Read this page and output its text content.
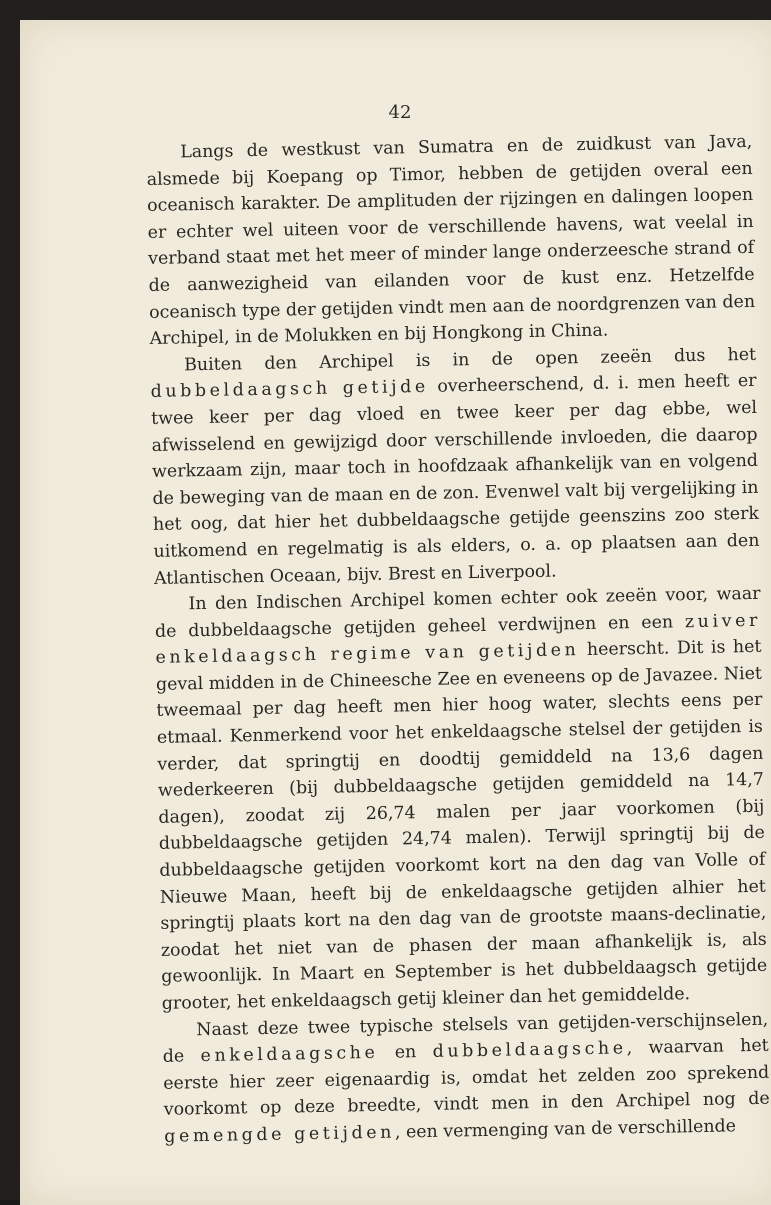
42

Langs de westkust van Sumatra en de zuidkust van Java, alsmede bij Koepang op Timor, hebben de getijden overal een oceanisch karakter. De amplituden der rijzingen en dalingen loopen er echter wel uiteen voor de verschillende havens, wat veelal in verband staat met het meer of minder lange onderzeesche strand of de aanwezigheid van eilanden voor de kust enz. Hetzelfde oceanisch type der getijden vindt men aan de noordgrenzen van den Archipel, in de Molukken en bij Hongkong in China.

Buiten den Archipel is in de open zeeën dus het dubbeldaagsch getijde overheerschend, d. i. men heeft er twee keer per dag vloed en twee keer per dag ebbe, wel afwisselend en gewijzigd door verschillende invloeden, die daarop werkzaam zijn, maar toch in hoofdzaak afhankelijk van en volgend de beweging van de maan en de zon. Evenwel valt bij vergelijking in het oog, dat hier het dubbeldaagsche getijde geenszins zoo sterk uitkomend en regelmatig is als elders, o. a. op plaatsen aan den Atlantischen Oceaan, bijv. Brest en Liverpool.

In den Indischen Archipel komen echter ook zeeën voor, waar de dubbeldaagsche getijden geheel verdwijnen en een zuiver enkeldaagsch regime van getijden heerscht. Dit is het geval midden in de Chineesche Zee en eveneens op de Javazee. Niet tweemaal per dag heeft men hier hoog water, slechts eens per etmaal. Kenmerkend voor het enkeldaagsche stelsel der getijden is verder, dat springtij en doodtij gemiddeld na 13,6 dagen wederkeeren (bij dubbeldaagsche getijden gemiddeld na 14,7 dagen), zoodat zij 26,74 malen per jaar voorkomen (bij dubbeldaagsche getijden 24,74 malen). Terwijl springtij bij de dubbeldaagsche getijden voorkomt kort na den dag van Volle of Nieuwe Maan, heeft bij de enkeldaagsche getijden alhier het springtij plaats kort na den dag van de grootste maans-declinatie, zoodat het niet van de phasen der maan afhankelijk is, als gewoonlijk. In Maart en September is het dubbeldaagsch getijde grooter, het enkeldaagsch getij kleiner dan het gemiddelde.

Naast deze twee typische stelsels van getijden-verschijnselen, de enkeldaagsche en dubbeldaagsche, waarvan het eerste hier zeer eigenaardig is, omdat het zelden zoo sprekend voorkomt op deze breedte, vindt men in den Archipel nog de gemengde getijden, een vermenging van de verschillende
